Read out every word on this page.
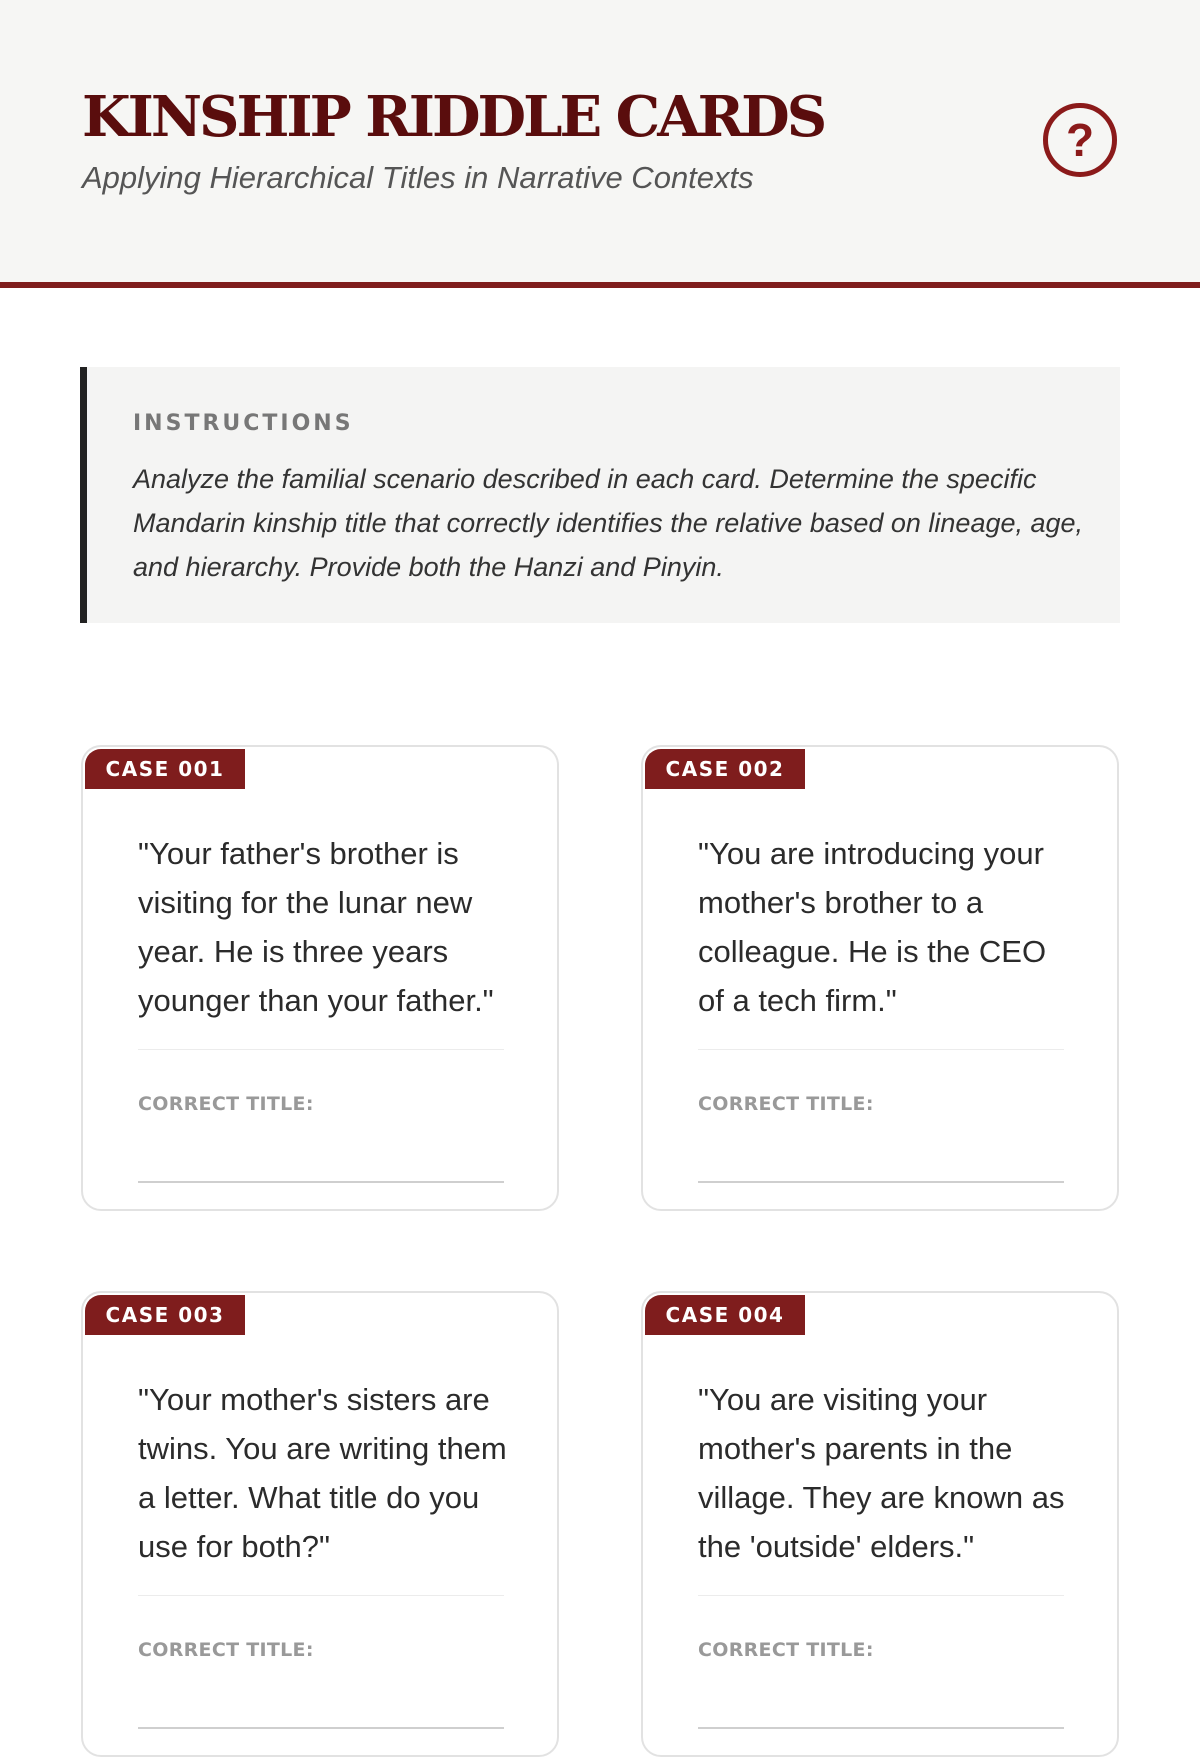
KINSHIP RIDDLE CARDS
Applying Hierarchical Titles in Narrative Contexts
?
INSTRUCTIONS
Analyze the familial scenario described in each card. Determine the specific Mandarin kinship title that correctly identifies the relative based on lineage, age, and hierarchy. Provide both the Hanzi and Pinyin.
CASE 001
"Your father's brother is visiting for the lunar new year. He is three years younger than your father."
CORRECT TITLE:
CASE 002
"You are introducing your mother's brother to a colleague. He is the CEO of a tech firm."
CORRECT TITLE:
CASE 003
"Your mother's sisters are twins. You are writing them a letter. What title do you use for both?"
CORRECT TITLE:
CASE 004
"You are visiting your mother's parents in the village. They are known as the 'outside' elders."
CORRECT TITLE:
